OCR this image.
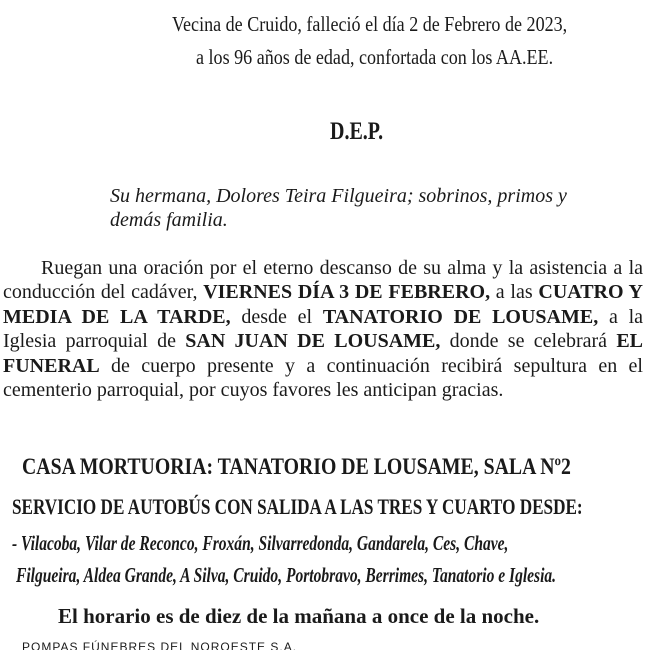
Vecina de Cruido, falleció el día 2 de Febrero de 2023,
a los 96 años de edad, confortada con los AA.EE.
D.E.P.
Su hermana, Dolores Teira Filgueira; sobrinos, primos y
demás familia.

Ruegan una oración por el eterno descanso de su alma y la asistencia a la conducción del cadáver, VIERNES DÍA 3 DE FEBRERO, a las CUATRO Y MEDIA DE LA TARDE, desde el TANATORIO DE LOUSAME, a la Iglesia parroquial de SAN JUAN DE LOUSAME, donde se celebrará EL FUNERAL de cuerpo presente y a continuación recibirá sepultura en el cementerio parroquial, por cuyos favores les anticipan gracias.

CASA MORTUORIA: TANATORIO DE LOUSAME, SALA Nº2
SERVICIO DE AUTOBÚS CON SALIDA A LAS TRES Y CUARTO DESDE:
- Vilacoba, Vilar de Reconco, Froxán, Silvarredonda, Gandarela, Ces, Chave,
Filgueira, Aldea Grande, A Silva, Cruido, Portobravo, Berrimes, Tanatorio e Iglesia.
El horario es de diez de la mañana a once de la noche.
POMPAS FÚNEBRES DEL NOROESTE S.A.
